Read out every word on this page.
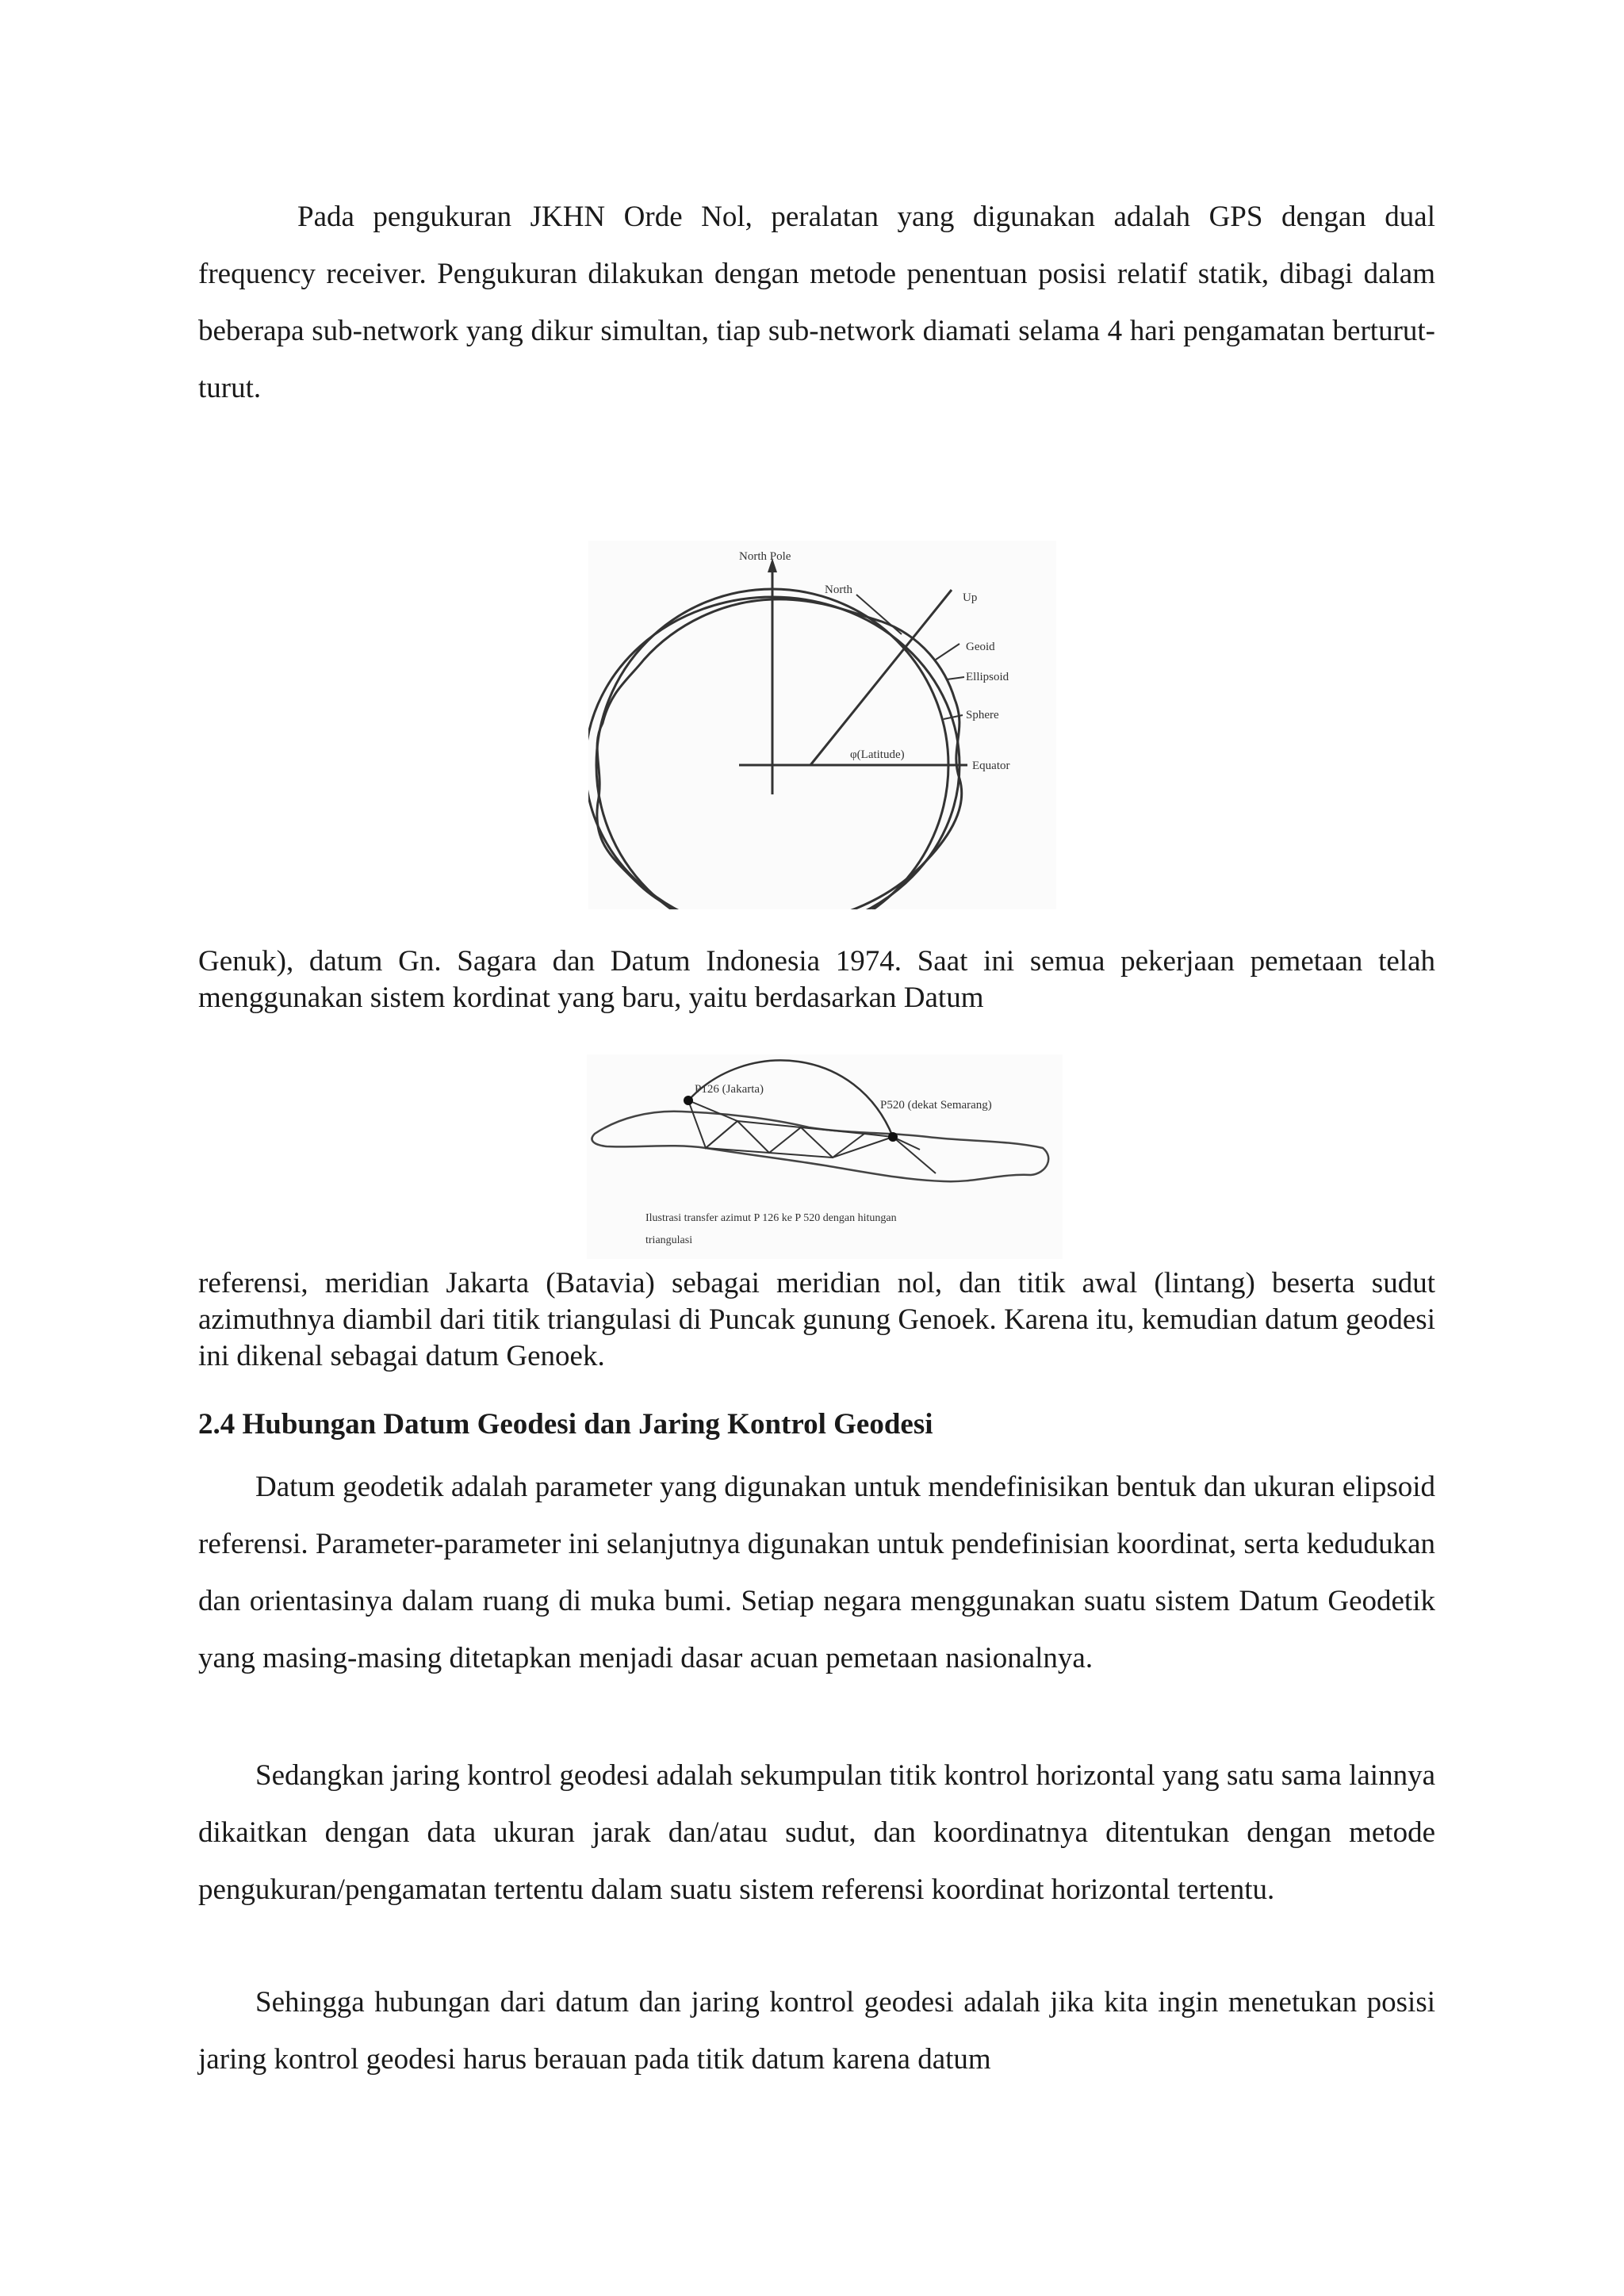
Pada pengukuran JKHN Orde Nol, peralatan yang digunakan adalah GPS dengan dual frequency receiver. Pengukuran dilakukan dengan metode penentuan posisi relatif statik, dibagi dalam beberapa sub-network yang dikur simultan, tiap sub-network diamati selama 4 hari pengamatan berturut-turut.

North Pole
North
Up
Geoid
Ellipsoid
Sphere
φ(Latitude)
Equator

Genuk), datum Gn. Sagara dan Datum Indonesia 1974. Saat ini semua pekerjaan pemetaan telah menggunakan sistem kordinat yang baru, yaitu berdasarkan Datum

P126 (Jakarta)
P520 (dekat Semarang)
Ilustrasi transfer azimut P 126 ke P 520 dengan hitungan
triangulasi

referensi, meridian Jakarta (Batavia) sebagai meridian nol, dan titik awal (lintang) beserta sudut azimuthnya diambil dari titik triangulasi di Puncak gunung Genoek. Karena itu, kemudian datum geodesi ini dikenal sebagai datum Genoek.

2.4 Hubungan Datum Geodesi dan Jaring Kontrol Geodesi

Datum geodetik adalah parameter yang digunakan untuk mendefinisikan bentuk dan ukuran elipsoid referensi. Parameter-parameter ini selanjutnya digunakan untuk pendefinisian koordinat, serta kedudukan dan orientasinya dalam ruang di muka bumi. Setiap negara menggunakan suatu sistem Datum Geodetik yang masing-masing ditetapkan menjadi dasar acuan pemetaan nasionalnya.

Sedangkan jaring kontrol geodesi adalah sekumpulan titik kontrol horizontal yang satu sama lainnya dikaitkan dengan data ukuran jarak dan/atau sudut, dan koordinatnya ditentukan dengan metode pengukuran/pengamatan tertentu dalam suatu sistem referensi koordinat horizontal tertentu.

Sehingga hubungan dari datum dan jaring kontrol geodesi adalah jika kita ingin menetukan posisi jaring kontrol geodesi harus berauan pada titik datum karena datum
